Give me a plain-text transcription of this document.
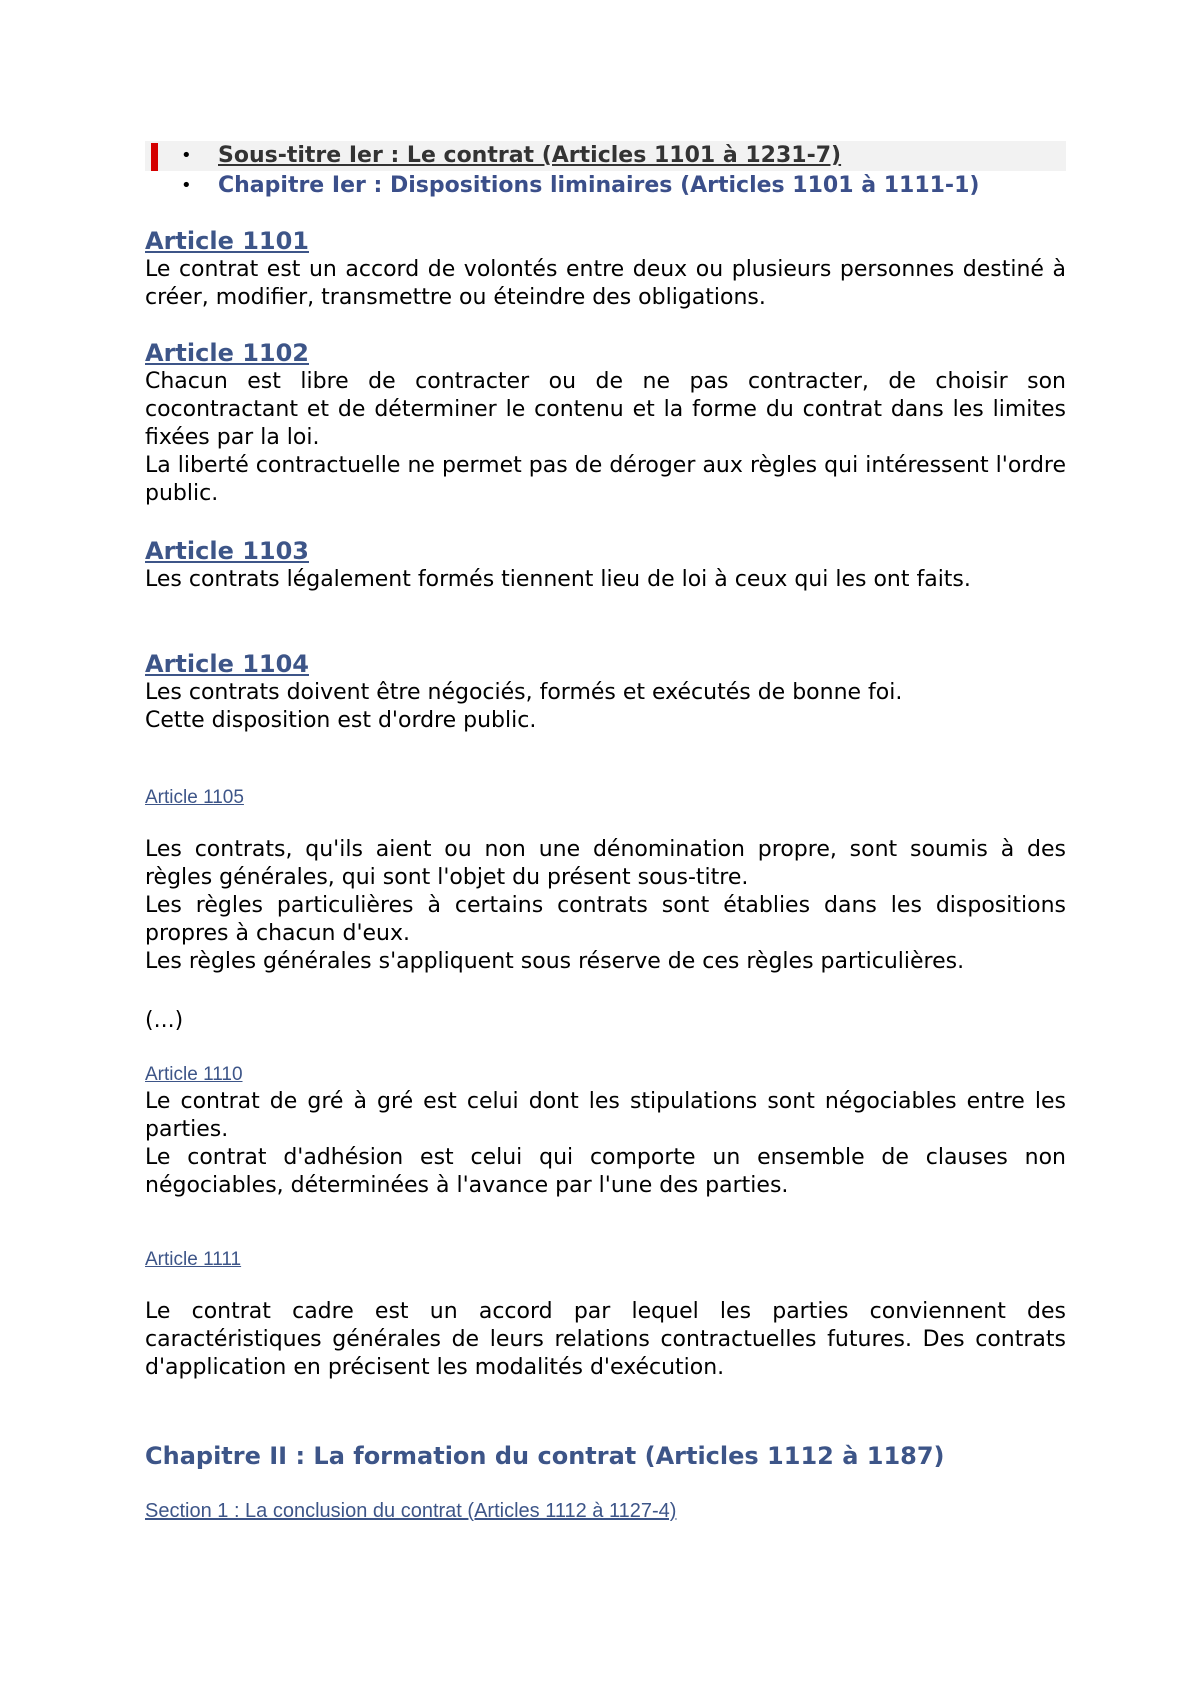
• Sous-titre Ier : Le contrat (Articles 1101 à 1231-7)
• Chapitre Ier : Dispositions liminaires (Articles 1101 à 1111-1)
Article 1101

Le contrat est un accord de volontés entre deux ou plusieurs personnes destiné à créer, modifier, transmettre ou éteindre des obligations.

Article 1102

Chacun est libre de contracter ou de ne pas contracter, de choisir son cocontractant et de déterminer le contenu et la forme du contrat dans les limites fixées par la loi.

La liberté contractuelle ne permet pas de déroger aux règles qui intéressent l'ordre public.

Article 1103

Les contrats légalement formés tiennent lieu de loi à ceux qui les ont faits.

Article 1104

Les contrats doivent être négociés, formés et exécutés de bonne foi.

Cette disposition est d'ordre public.

Article 1105

Les contrats, qu'ils aient ou non une dénomination propre, sont soumis à des règles générales, qui sont l'objet du présent sous-titre.

Les règles particulières à certains contrats sont établies dans les dispositions propres à chacun d'eux.

Les règles générales s'appliquent sous réserve de ces règles particulières.

(...)
Article 1110

Le contrat de gré à gré est celui dont les stipulations sont négociables entre les parties.

Le contrat d'adhésion est celui qui comporte un ensemble de clauses non négociables, déterminées à l'avance par l'une des parties.

Article 1111

Le contrat cadre est un accord par lequel les parties conviennent des caractéristiques générales de leurs relations contractuelles futures. Des contrats d'application en précisent les modalités d'exécution.

Chapitre II : La formation du contrat (Articles 1112 à 1187)
Section 1 : La conclusion du contrat (Articles 1112 à 1127-4)
